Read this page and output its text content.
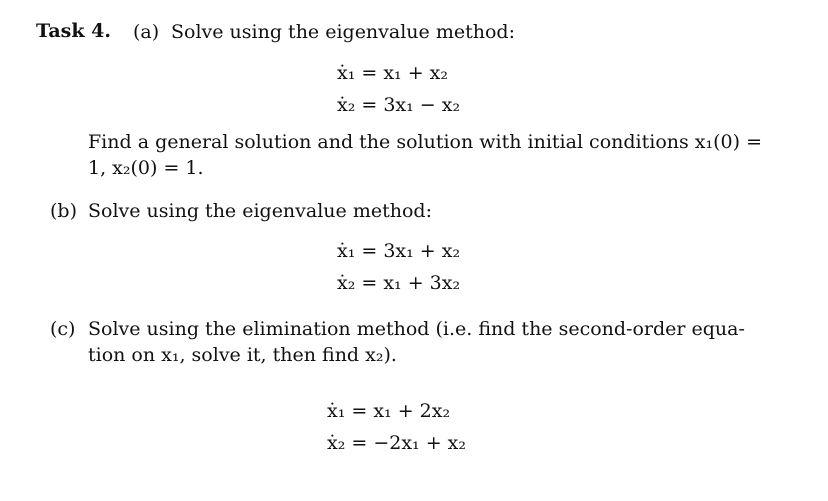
Task 4. (a) Solve using the eigenvalue method:
ẋ₁ = x₁ + x₂
ẋ₂ = 3x₁ − x₂
Find a general solution and the solution with initial conditions x₁(0) =
1, x₂(0) = 1.
(b) Solve using the eigenvalue method:
ẋ₁ = 3x₁ + x₂
ẋ₂ = x₁ + 3x₂
(c) Solve using the elimination method (i.e. find the second-order equa-
tion on x₁, solve it, then find x₂).
ẋ₁ = x₁ + 2x₂
ẋ₂ = −2x₁ + x₂
